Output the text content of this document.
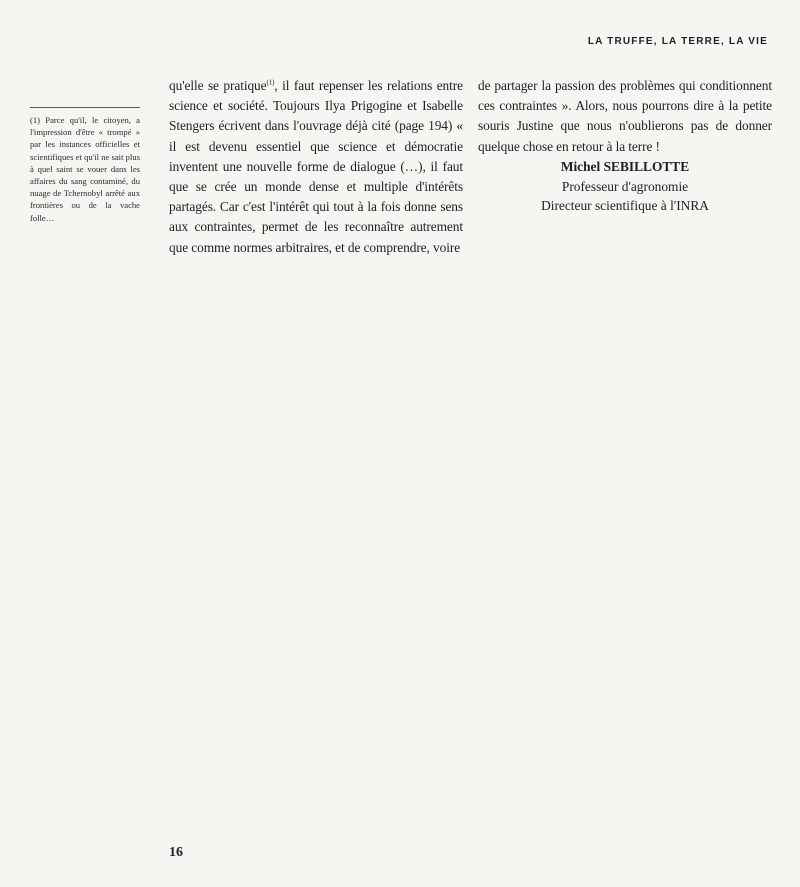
LA TRUFFE, LA TERRE, LA VIE
(1) Parce qu'il, le citoyen, a l'impression d'être « trompé » par les instances officielles et scientifiques et qu'il ne sait plus à quel saint se vouer dans les affaires du sang contaminé, du nuage de Tchernobyl arrêté aux frontières ou de la vache folle…

qu'elle se pratique$^{(1)}$, il faut repenser les relations entre science et société. Toujours Ilya Prigogine et Isabelle Stengers écrivent dans l'ouvrage déjà cité (page 194) « il est devenu essentiel que science et démocratie inventent une nouvelle forme de dialogue (…), il faut que se crée un monde dense et multiple d'intérêts partagés. Car c'est l'intérêt qui tout à la fois donne sens aux contraintes, permet de les reconnaître autrement que comme normes arbitraires, et de comprendre, voire

de partager la passion des problèmes qui conditionnent ces contraintes ». Alors, nous pourrons dire à la petite souris Justine que nous n'oublierons pas de donner quelque chose en retour à la terre !

Michel SEBILLOTTE
Professeur d'agronomie
Directeur scientifique à l'INRA
16
